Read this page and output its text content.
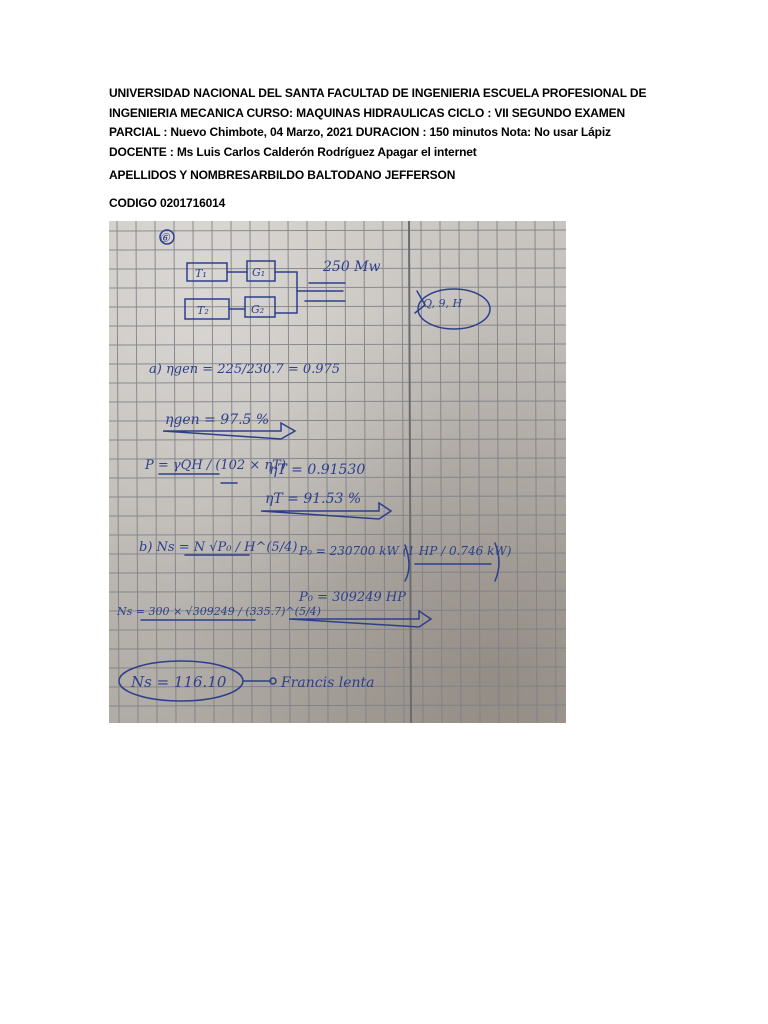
UNIVERSIDAD NACIONAL DEL SANTA FACULTAD DE INGENIERIA ESCUELA PROFESIONAL DE

INGENIERIA MECANICA CURSO: MAQUINAS HIDRAULICAS CICLO : VII SEGUNDO EXAMEN

PARCIAL : Nuevo Chimbote, 04 Marzo, 2021 DURACION : 150 minutos Nota: No usar Lápiz

DOCENTE : Ms Luis Carlos Calderón Rodríguez Apagar el internet

APELLIDOS Y NOMBRESARBILDO BALTODANO JEFFERSON
CODIGO 0201716014
⑥
T₁	G₁
T₂	G₂
250 Mw
Q, 9, H
a) ηgen = 225/230.7 = 0.975
ηgen = 97.5 %
P = γQH / (102 × ηT)
ηT = 0.91530
ηT = 91.53 %
b) Ns = N √P₀ / H^(5/4) P₀ = 230700 kW (1 HP / 0.746 kW)
P₀ = 309249 HP
Ns = 300 × √309249 / (335.7)^(5/4)
Ns = 116.10	Francis lenta
